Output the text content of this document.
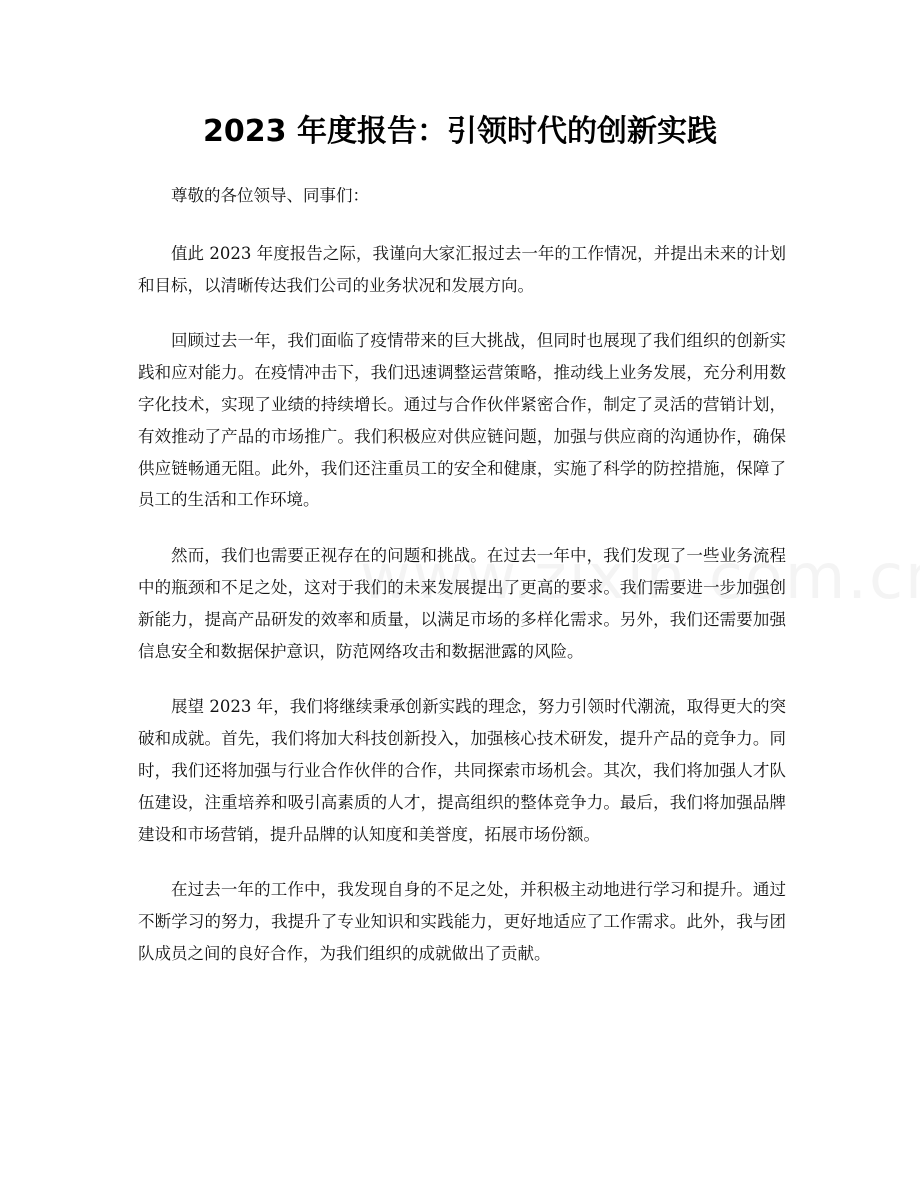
2023 年度报告：引领时代的创新实践

尊敬的各位领导、同事们：

值此 2023 年度报告之际，我谨向大家汇报过去一年的工作情况，并提出未来的计划和目标，以清晰传达我们公司的业务状况和发展方向。

回顾过去一年，我们面临了疫情带来的巨大挑战，但同时也展现了我们组织的创新实践和应对能力。在疫情冲击下，我们迅速调整运营策略，推动线上业务发展，充分利用数字化技术，实现了业绩的持续增长。通过与合作伙伴紧密合作，制定了灵活的营销计划，有效推动了产品的市场推广。我们积极应对供应链问题，加强与供应商的沟通协作，确保供应链畅通无阻。此外，我们还注重员工的安全和健康，实施了科学的防控措施，保障了员工的生活和工作环境。

然而，我们也需要正视存在的问题和挑战。在过去一年中，我们发现了一些业务流程中的瓶颈和不足之处，这对于我们的未来发展提出了更高的要求。我们需要进一步加强创新能力，提高产品研发的效率和质量，以满足市场的多样化需求。另外，我们还需要加强信息安全和数据保护意识，防范网络攻击和数据泄露的风险。

展望 2023 年，我们将继续秉承创新实践的理念，努力引领时代潮流，取得更大的突破和成就。首先，我们将加大科技创新投入，加强核心技术研发，提升产品的竞争力。同时，我们还将加强与行业合作伙伴的合作，共同探索市场机会。其次，我们将加强人才队伍建设，注重培养和吸引高素质的人才，提高组织的整体竞争力。最后，我们将加强品牌建设和市场营销，提升品牌的认知度和美誉度，拓展市场份额。

在过去一年的工作中，我发现自身的不足之处，并积极主动地进行学习和提升。通过不断学习的努力，我提升了专业知识和实践能力，更好地适应了工作需求。此外，我与团队成员之间的良好合作，为我们组织的成就做出了贡献。
